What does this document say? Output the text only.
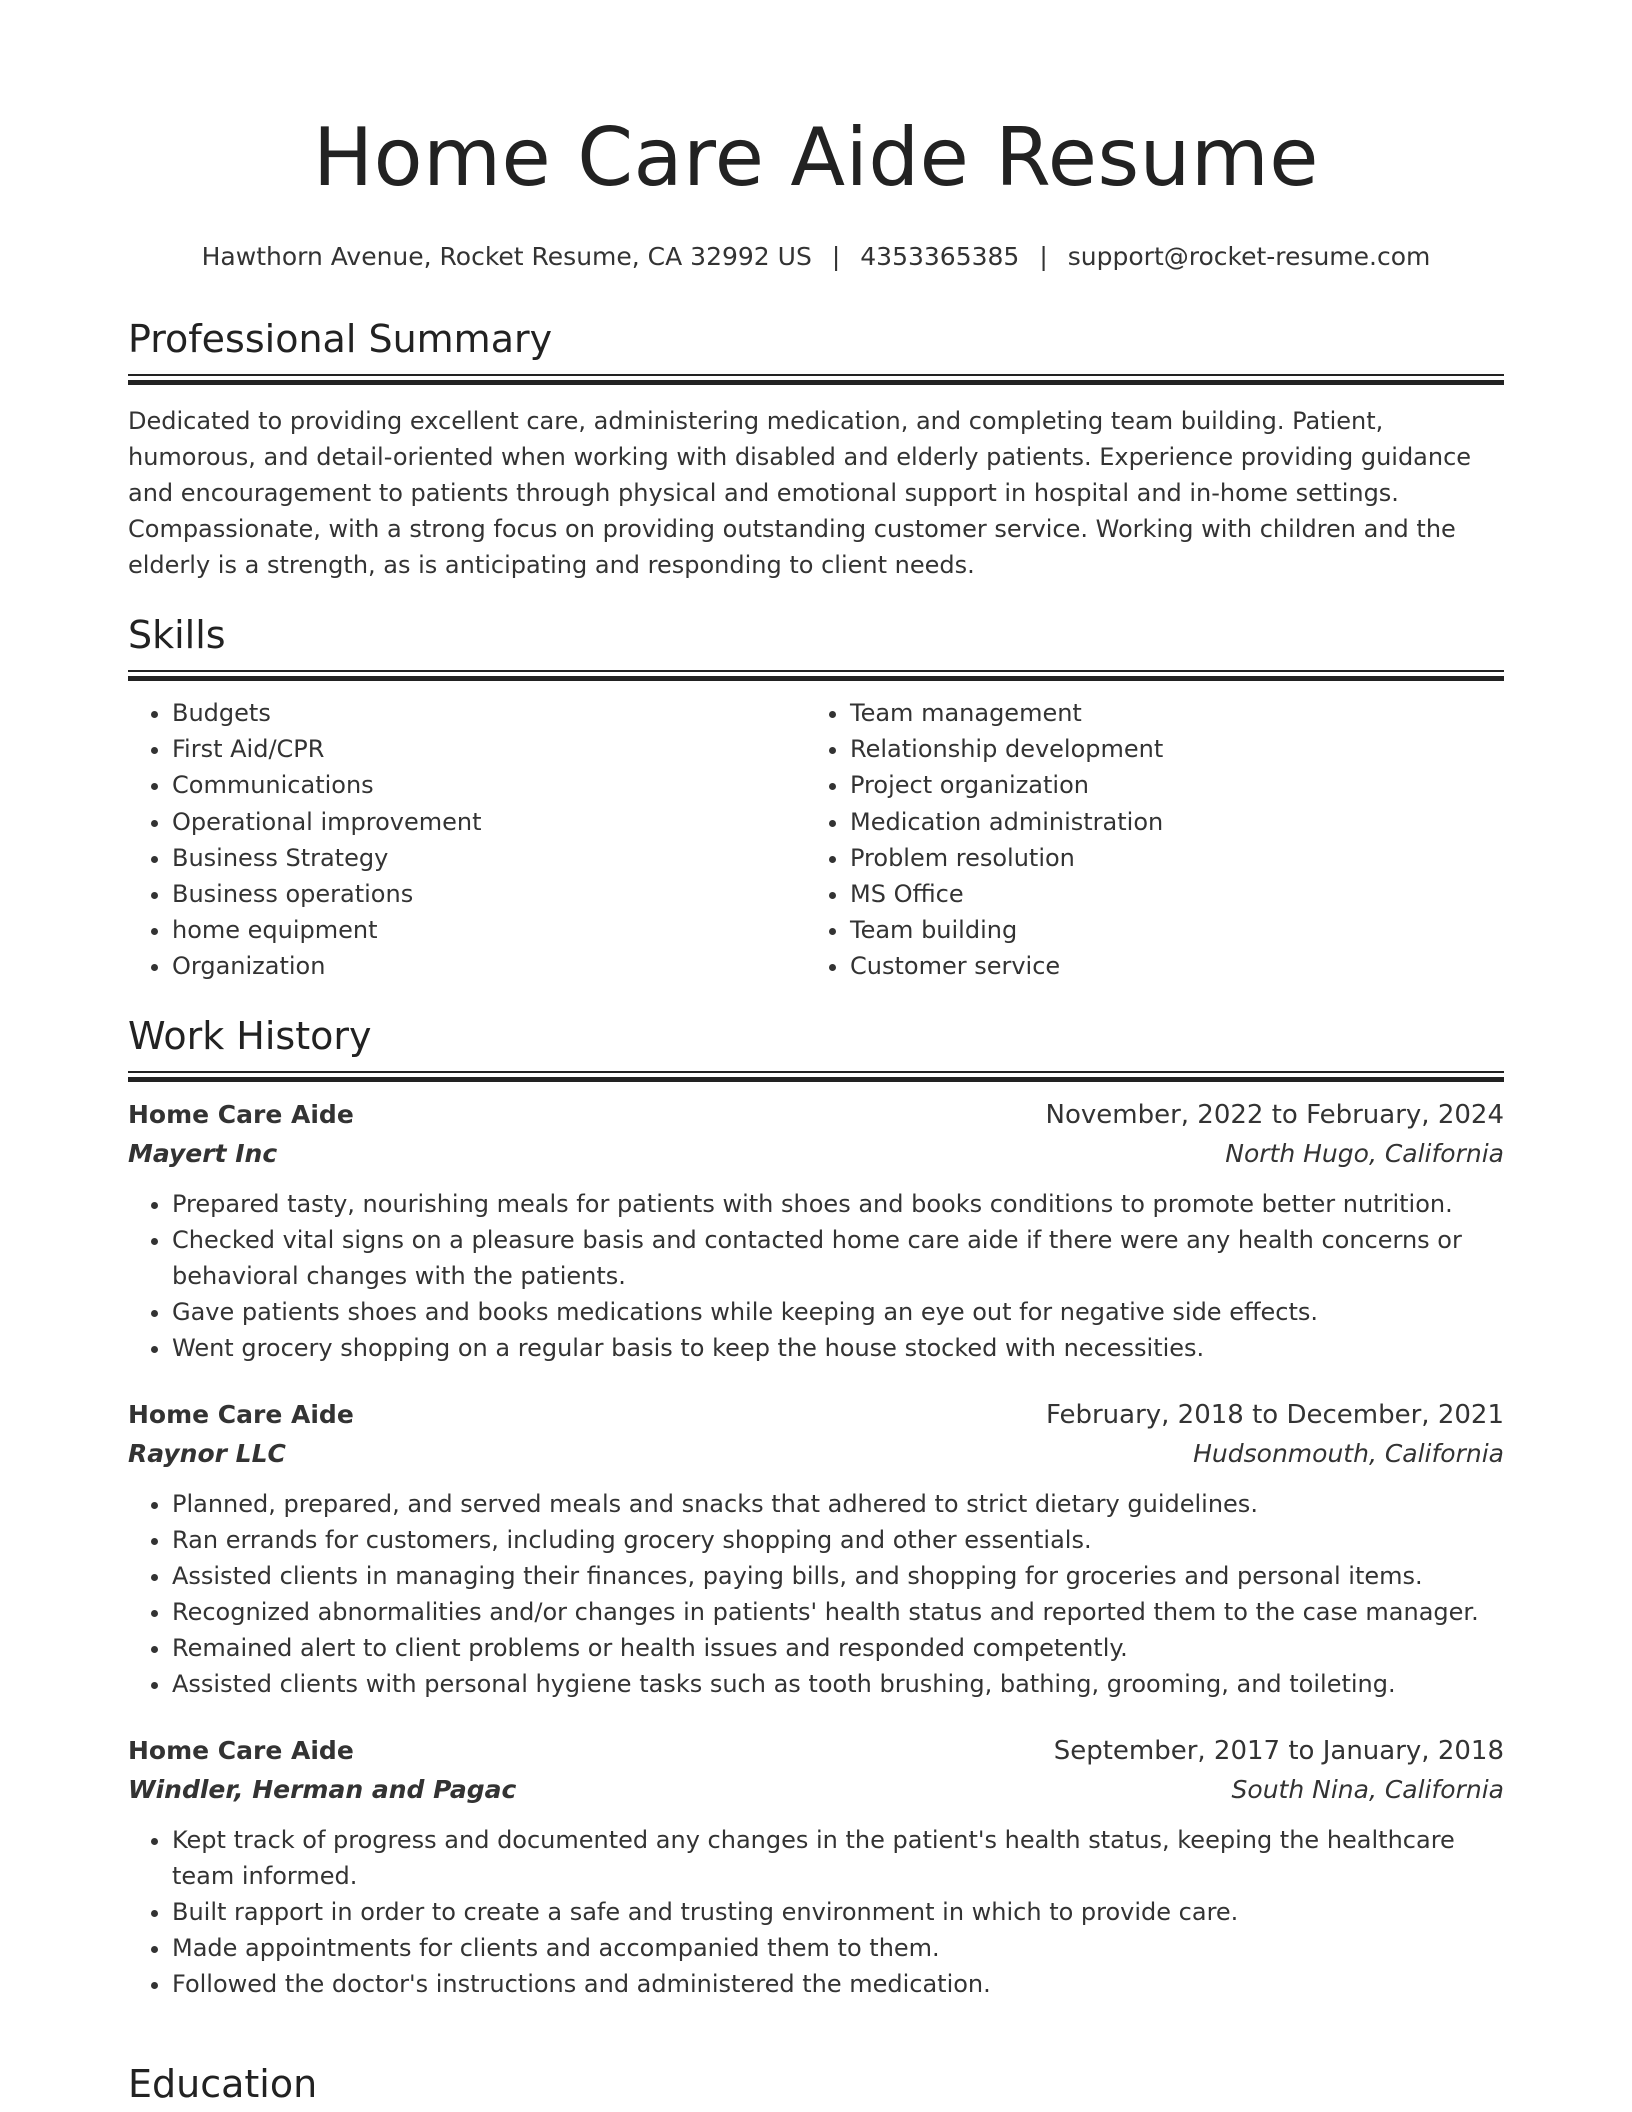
Home Care Aide Resume
Hawthorn Avenue, Rocket Resume, CA 32992 US | 4353365385 | support@rocket-resume.com
Professional Summary
Dedicated to providing excellent care, administering medication, and completing team building. Patient, humorous, and detail-oriented when working with disabled and elderly patients. Experience providing guidance and encouragement to patients through physical and emotional support in hospital and in-home settings. Compassionate, with a strong focus on providing outstanding customer service. Working with children and the elderly is a strength, as is anticipating and responding to client needs.
Skills
• Budgets
• First Aid/CPR
• Communications
• Operational improvement
• Business Strategy
• Business operations
• home equipment
• Organization
• Team management
• Relationship development
• Project organization
• Medication administration
• Problem resolution
• MS Office
• Team building
• Customer service
Work History
Home Care Aide	November, 2022 to February, 2024
Mayert Inc	North Hugo, California
• Prepared tasty, nourishing meals for patients with shoes and books conditions to promote better nutrition.
• Checked vital signs on a pleasure basis and contacted home care aide if there were any health concerns or behavioral changes with the patients.
• Gave patients shoes and books medications while keeping an eye out for negative side effects.
• Went grocery shopping on a regular basis to keep the house stocked with necessities.
Home Care Aide	February, 2018 to December, 2021
Raynor LLC	Hudsonmouth, California
• Planned, prepared, and served meals and snacks that adhered to strict dietary guidelines.
• Ran errands for customers, including grocery shopping and other essentials.
• Assisted clients in managing their finances, paying bills, and shopping for groceries and personal items.
• Recognized abnormalities and/or changes in patients' health status and reported them to the case manager.
• Remained alert to client problems or health issues and responded competently.
• Assisted clients with personal hygiene tasks such as tooth brushing, bathing, grooming, and toileting.
Home Care Aide	September, 2017 to January, 2018
Windler, Herman and Pagac	South Nina, California
• Kept track of progress and documented any changes in the patient's health status, keeping the healthcare team informed.
• Built rapport in order to create a safe and trusting environment in which to provide care.
• Made appointments for clients and accompanied them to them.
• Followed the doctor's instructions and administered the medication.
Education
